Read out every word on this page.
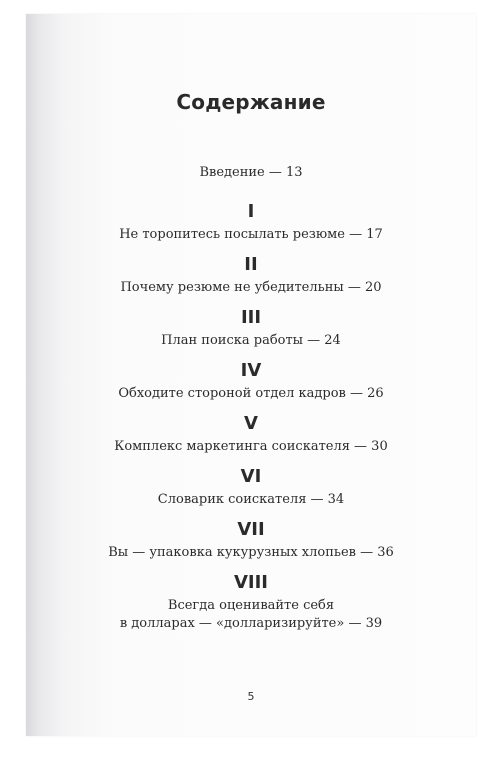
Содержание
Введение — 13
I
Не торопитесь посылать резюме — 17
II
Почему резюме не убедительны — 20
III
План поиска работы — 24
IV
Обходите стороной отдел кадров — 26
V
Комплекс маркетинга соискателя — 30
VI
Словарик соискателя — 34
VII
Вы — упаковка кукурузных хлопьев — 36
VIII
Всегда оценивайте себя
в долларах — «долларизируйте» — 39
5
